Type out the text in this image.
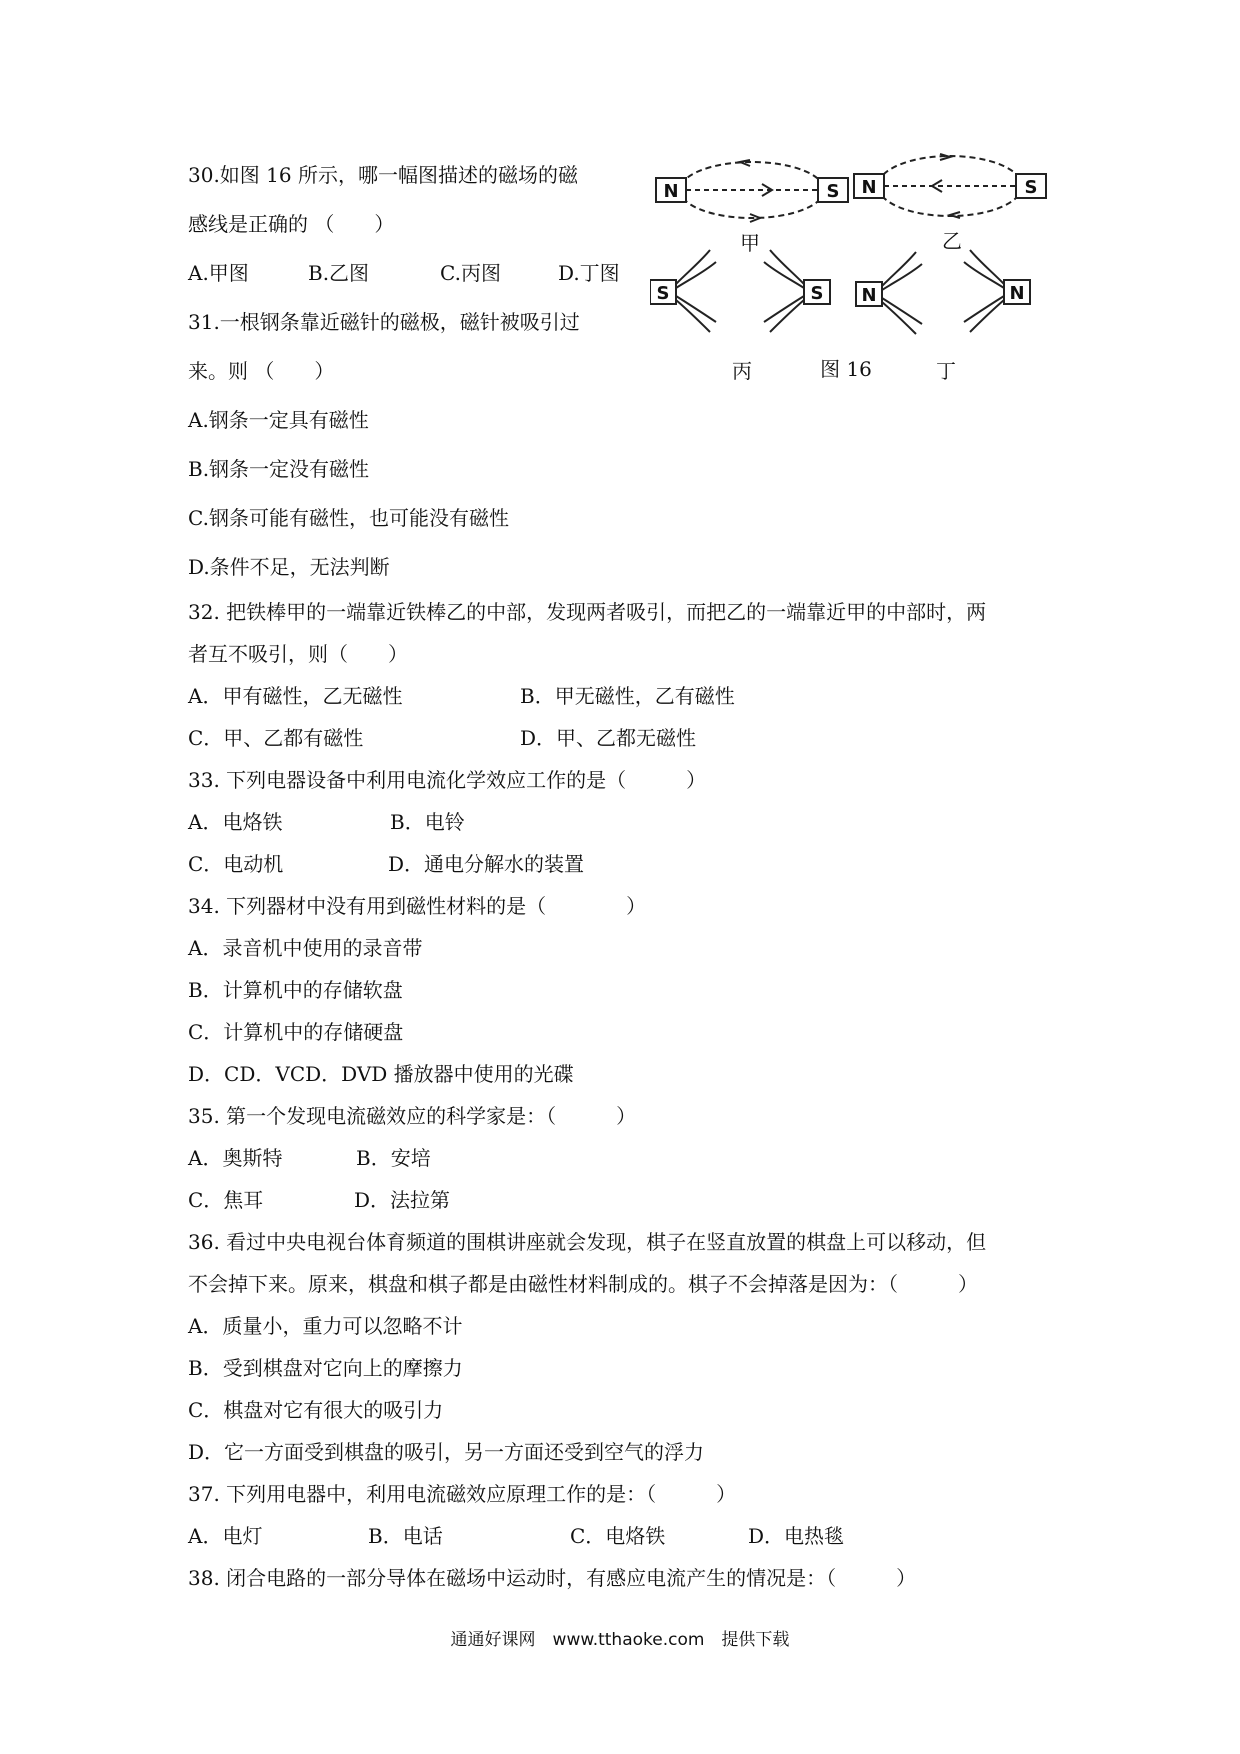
30.如图 16 所示，哪一幅图描述的磁场的磁
感线是正确的 （　　）
A.甲图	B.乙图	C.丙图	D.丁图
31.一根钢条靠近磁针的磁极，磁针被吸引过
来。则 （　　）
A.钢条一定具有磁性
B.钢条一定没有磁性
C.钢条可能有磁性，也可能没有磁性
D.条件不足，无法判断
N	S N	S
S	S N	N
甲	乙
丙	丁
图 16
32. 把铁棒甲的一端靠近铁棒乙的中部，发现两者吸引，而把乙的一端靠近甲的中部时，两
者互不吸引，则（　　）
A．甲有磁性，乙无磁性	B．甲无磁性，乙有磁性
C．甲、乙都有磁性	D．甲、乙都无磁性
33. 下列电器设备中利用电流化学效应工作的是（　　　）
A．电烙铁	B．电铃
C．电动机	D．通电分解水的装置
34. 下列器材中没有用到磁性材料的是（　　　　）
A．录音机中使用的录音带
B．计算机中的存储软盘
C．计算机中的存储硬盘
D．CD．VCD．DVD 播放器中使用的光碟
35. 第一个发现电流磁效应的科学家是：（　　　）
A．奥斯特	B．安培
C．焦耳	D．法拉第
36. 看过中央电视台体育频道的围棋讲座就会发现，棋子在竖直放置的棋盘上可以移动，但
不会掉下来。原来，棋盘和棋子都是由磁性材料制成的。棋子不会掉落是因为：（　　　）
A．质量小，重力可以忽略不计
B．受到棋盘对它向上的摩擦力
C．棋盘对它有很大的吸引力
D．它一方面受到棋盘的吸引，另一方面还受到空气的浮力
37. 下列用电器中，利用电流磁效应原理工作的是：（　　　）
A．电灯	B．电话	C．电烙铁	D．电热毯
38. 闭合电路的一部分导体在磁场中运动时，有感应电流产生的情况是：（　　　）
通通好课网　www.tthaoke.com　提供下载
